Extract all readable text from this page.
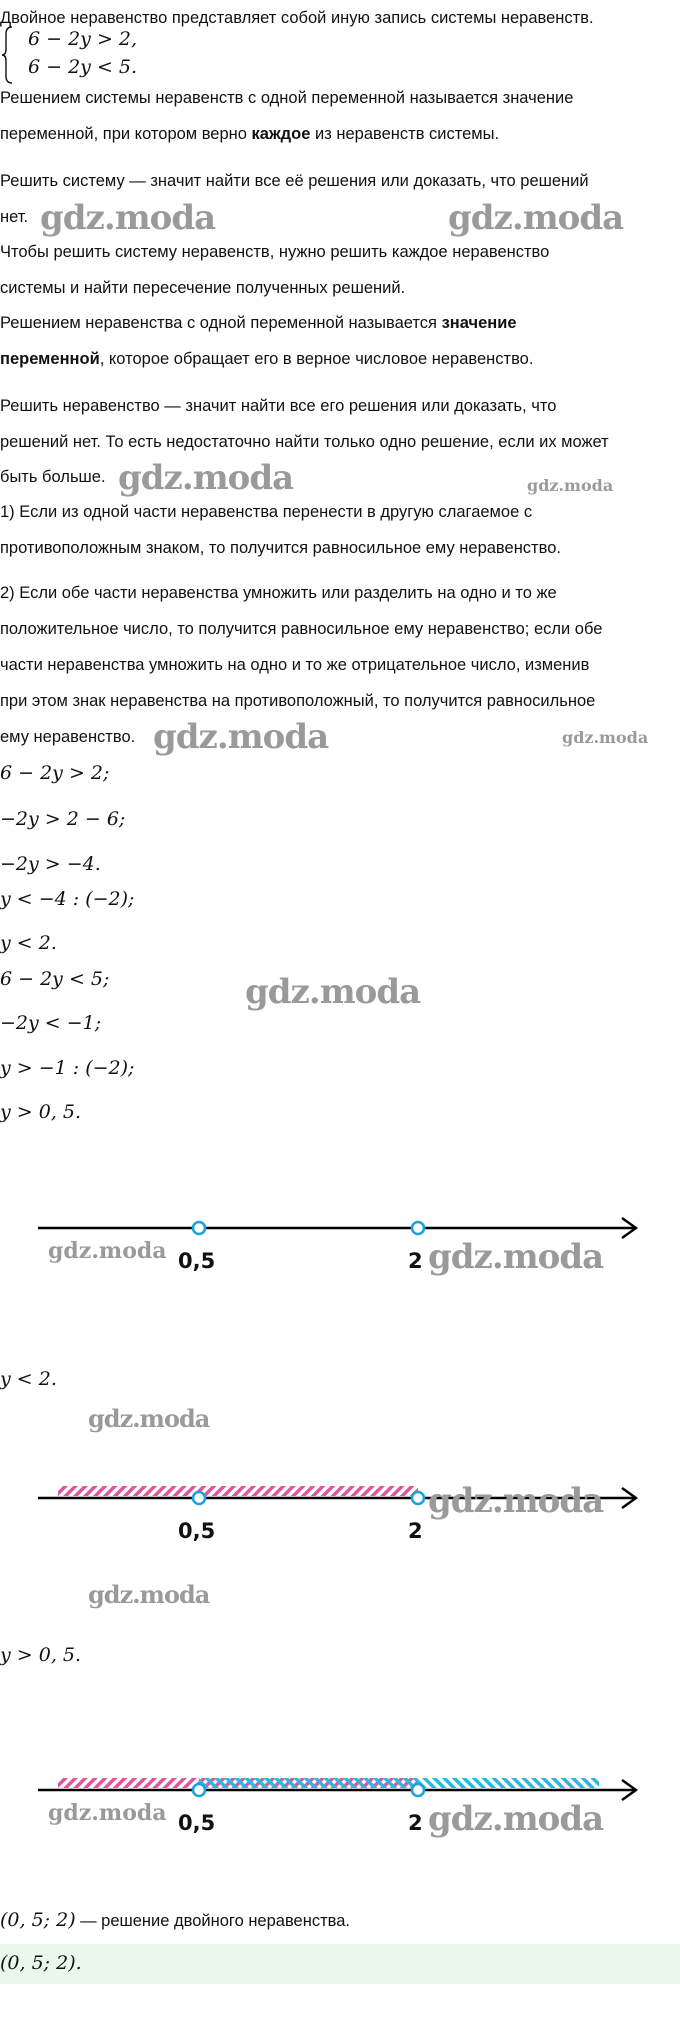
Двойное неравенство представляет собой иную запись системы неравенств.
6 − 2y > 2,
6 − 2y < 5.
Решением системы неравенств с одной переменной называется значение
переменной, при котором верно каждое из неравенств системы.
Решить систему — значит найти все её решения или доказать, что решений
нет. gdz.moda	gdz.moda
Чтобы решить систему неравенств, нужно решить каждое неравенство
системы и найти пересечение полученных решений.
Решением неравенства с одной переменной называется значение
переменной, которое обращает его в верное числовое неравенство.
Решить неравенство — значит найти все его решения или доказать, что
решений нет. То есть недостаточно найти только одно решение, если их может
быть больше. gdz.moda	gdz.moda
1) Если из одной части неравенства перенести в другую слагаемое с
противоположным знаком, то получится равносильное ему неравенство.
2) Если обе части неравенства умножить или разделить на одно и то же
положительное число, то получится равносильное ему неравенство; если обе
части неравенства умножить на одно и то же отрицательное число, изменив
при этом знак неравенства на противоположный, то получится равносильное
ему неравенство. gdz.moda	gdz.moda
6 − 2y > 2;
−2y > 2 − 6;
−2y > −4.
y < −4 : (−2);
y < 2.
6 − 2y < 5;
−2y < −1;
y > −1 : (−2);
y > 0, 5.
gdz.moda
0,5	2
gdz.moda	gdz.moda
y < 2.
gdz.moda
0,5	2
gdz.moda
gdz.moda
y > 0, 5.
0,5	2
gdz.moda	gdz.moda
(0, 5; 2) — решение двойного неравенства.
(0, 5; 2).
